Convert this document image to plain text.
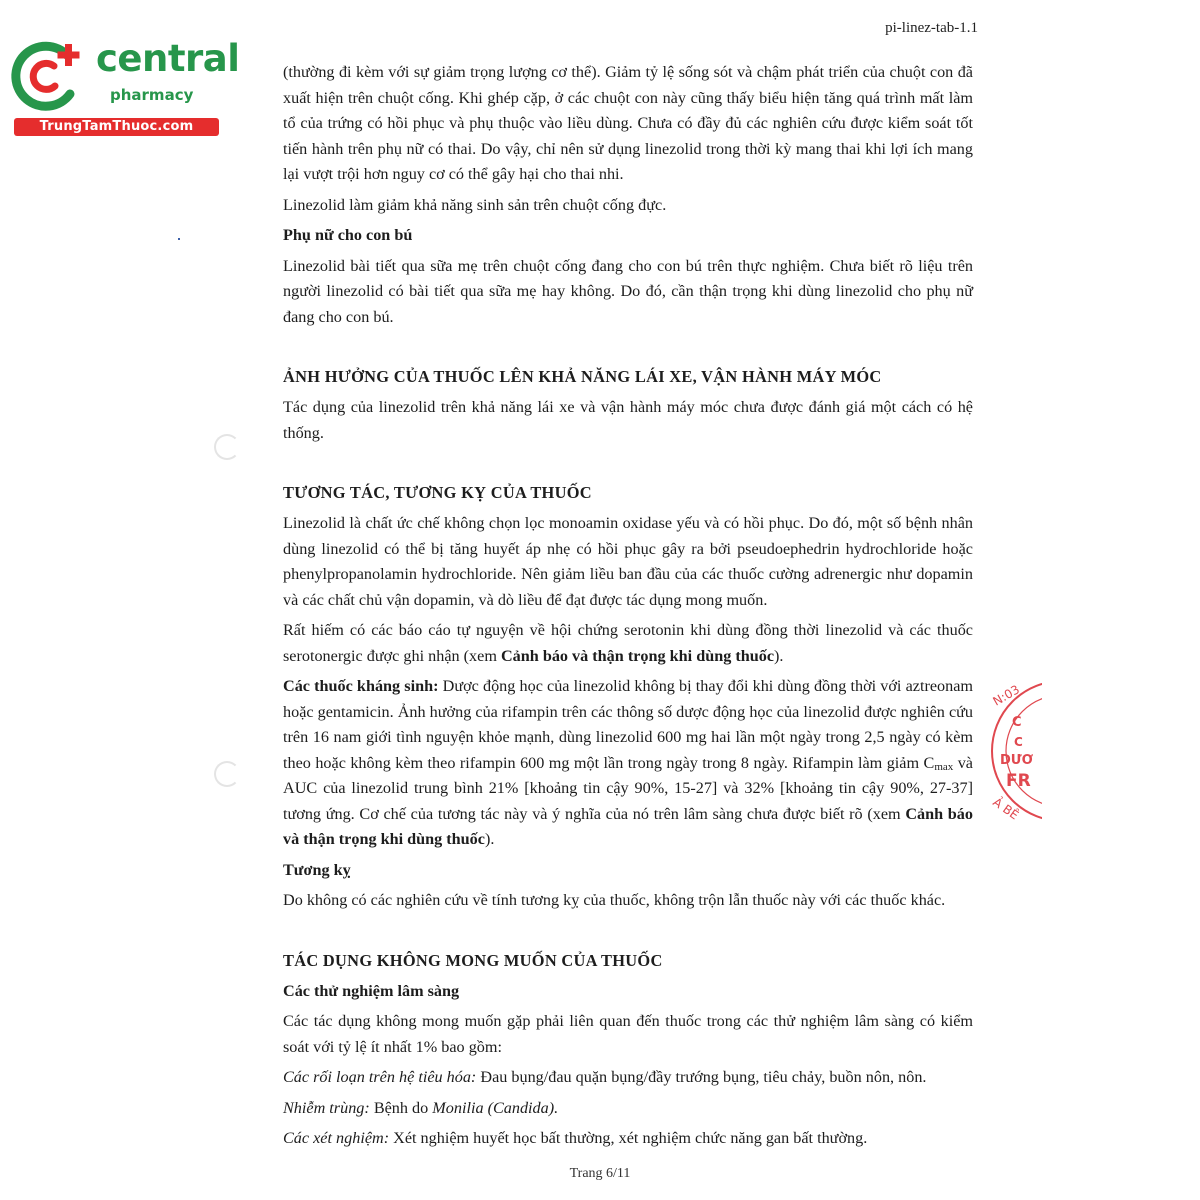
pi-linez-tab-1.1
central
pharmacy
TrungTamThuoc.com

(thường đi kèm với sự giảm trọng lượng cơ thể). Giảm tỷ lệ sống sót và chậm phát triển của chuột con đã xuất hiện trên chuột cống. Khi ghép cặp, ở các chuột con này cũng thấy biểu hiện tăng quá trình mất làm tổ của trứng có hồi phục và phụ thuộc vào liều dùng. Chưa có đầy đủ các nghiên cứu được kiểm soát tốt tiến hành trên phụ nữ có thai. Do vậy, chỉ nên sử dụng linezolid trong thời kỳ mang thai khi lợi ích mang lại vượt trội hơn nguy cơ có thể gây hại cho thai nhi.

Linezolid làm giảm khả năng sinh sản trên chuột cống đực.

Phụ nữ cho con bú

Linezolid bài tiết qua sữa mẹ trên chuột cống đang cho con bú trên thực nghiệm. Chưa biết rõ liệu trên người linezolid có bài tiết qua sữa mẹ hay không. Do đó, cần thận trọng khi dùng linezolid cho phụ nữ đang cho con bú.

ẢNH HƯỞNG CỦA THUỐC LÊN KHẢ NĂNG LÁI XE, VẬN HÀNH MÁY MÓC

Tác dụng của linezolid trên khả năng lái xe và vận hành máy móc chưa được đánh giá một cách có hệ thống.

TƯƠNG TÁC, TƯƠNG KỴ CỦA THUỐC

Linezolid là chất ức chế không chọn lọc monoamin oxidase yếu và có hồi phục. Do đó, một số bệnh nhân dùng linezolid có thể bị tăng huyết áp nhẹ có hồi phục gây ra bởi pseudoephedrin hydrochloride hoặc phenylpropanolamin hydrochloride. Nên giảm liều ban đầu của các thuốc cường adrenergic như dopamin và các chất chủ vận dopamin, và dò liều để đạt được tác dụng mong muốn.

Rất hiếm có các báo cáo tự nguyện về hội chứng serotonin khi dùng đồng thời linezolid và các thuốc serotonergic được ghi nhận (xem Cảnh báo và thận trọng khi dùng thuốc).

Các thuốc kháng sinh: Dược động học của linezolid không bị thay đổi khi dùng đồng thời với aztreonam hoặc gentamicin. Ảnh hưởng của rifampin trên các thông số dược động học của linezolid được nghiên cứu trên 16 nam giới tình nguyện khỏe mạnh, dùng linezolid 600 mg hai lần một ngày trong 2,5 ngày có kèm theo hoặc không kèm theo rifampin 600 mg một lần trong ngày trong 8 ngày. Rifampin làm giảm $C_{max}$ và AUC của linezolid trung bình 21% [khoảng tin cậy 90%, 15-27] và 32% [khoảng tin cậy 90%, 27-37] tương ứng. Cơ chế của tương tác này và ý nghĩa của nó trên lâm sàng chưa được biết rõ (xem Cảnh báo và thận trọng khi dùng thuốc).

Tương kỵ

Do không có các nghiên cứu về tính tương kỵ của thuốc, không trộn lẫn thuốc này với các thuốc khác.

TÁC DỤNG KHÔNG MONG MUỐN CỦA THUỐC
Các thử nghiệm lâm sàng

Các tác dụng không mong muốn gặp phải liên quan đến thuốc trong các thử nghiệm lâm sàng có kiểm soát với tỷ lệ ít nhất 1% bao gồm:

Các rối loạn trên hệ tiêu hóa: Đau bụng/đau quặn bụng/đầy trướng bụng, tiêu chảy, buồn nôn, nôn.

Nhiễm trùng: Bệnh do Monilia (Candida).

Các xét nghiệm: Xét nghiệm huyết học bất thường, xét nghiệm chức năng gan bất thường.

N:03
C
C
DƯƠ
FR
Ả BÊ
Trang 6/11
